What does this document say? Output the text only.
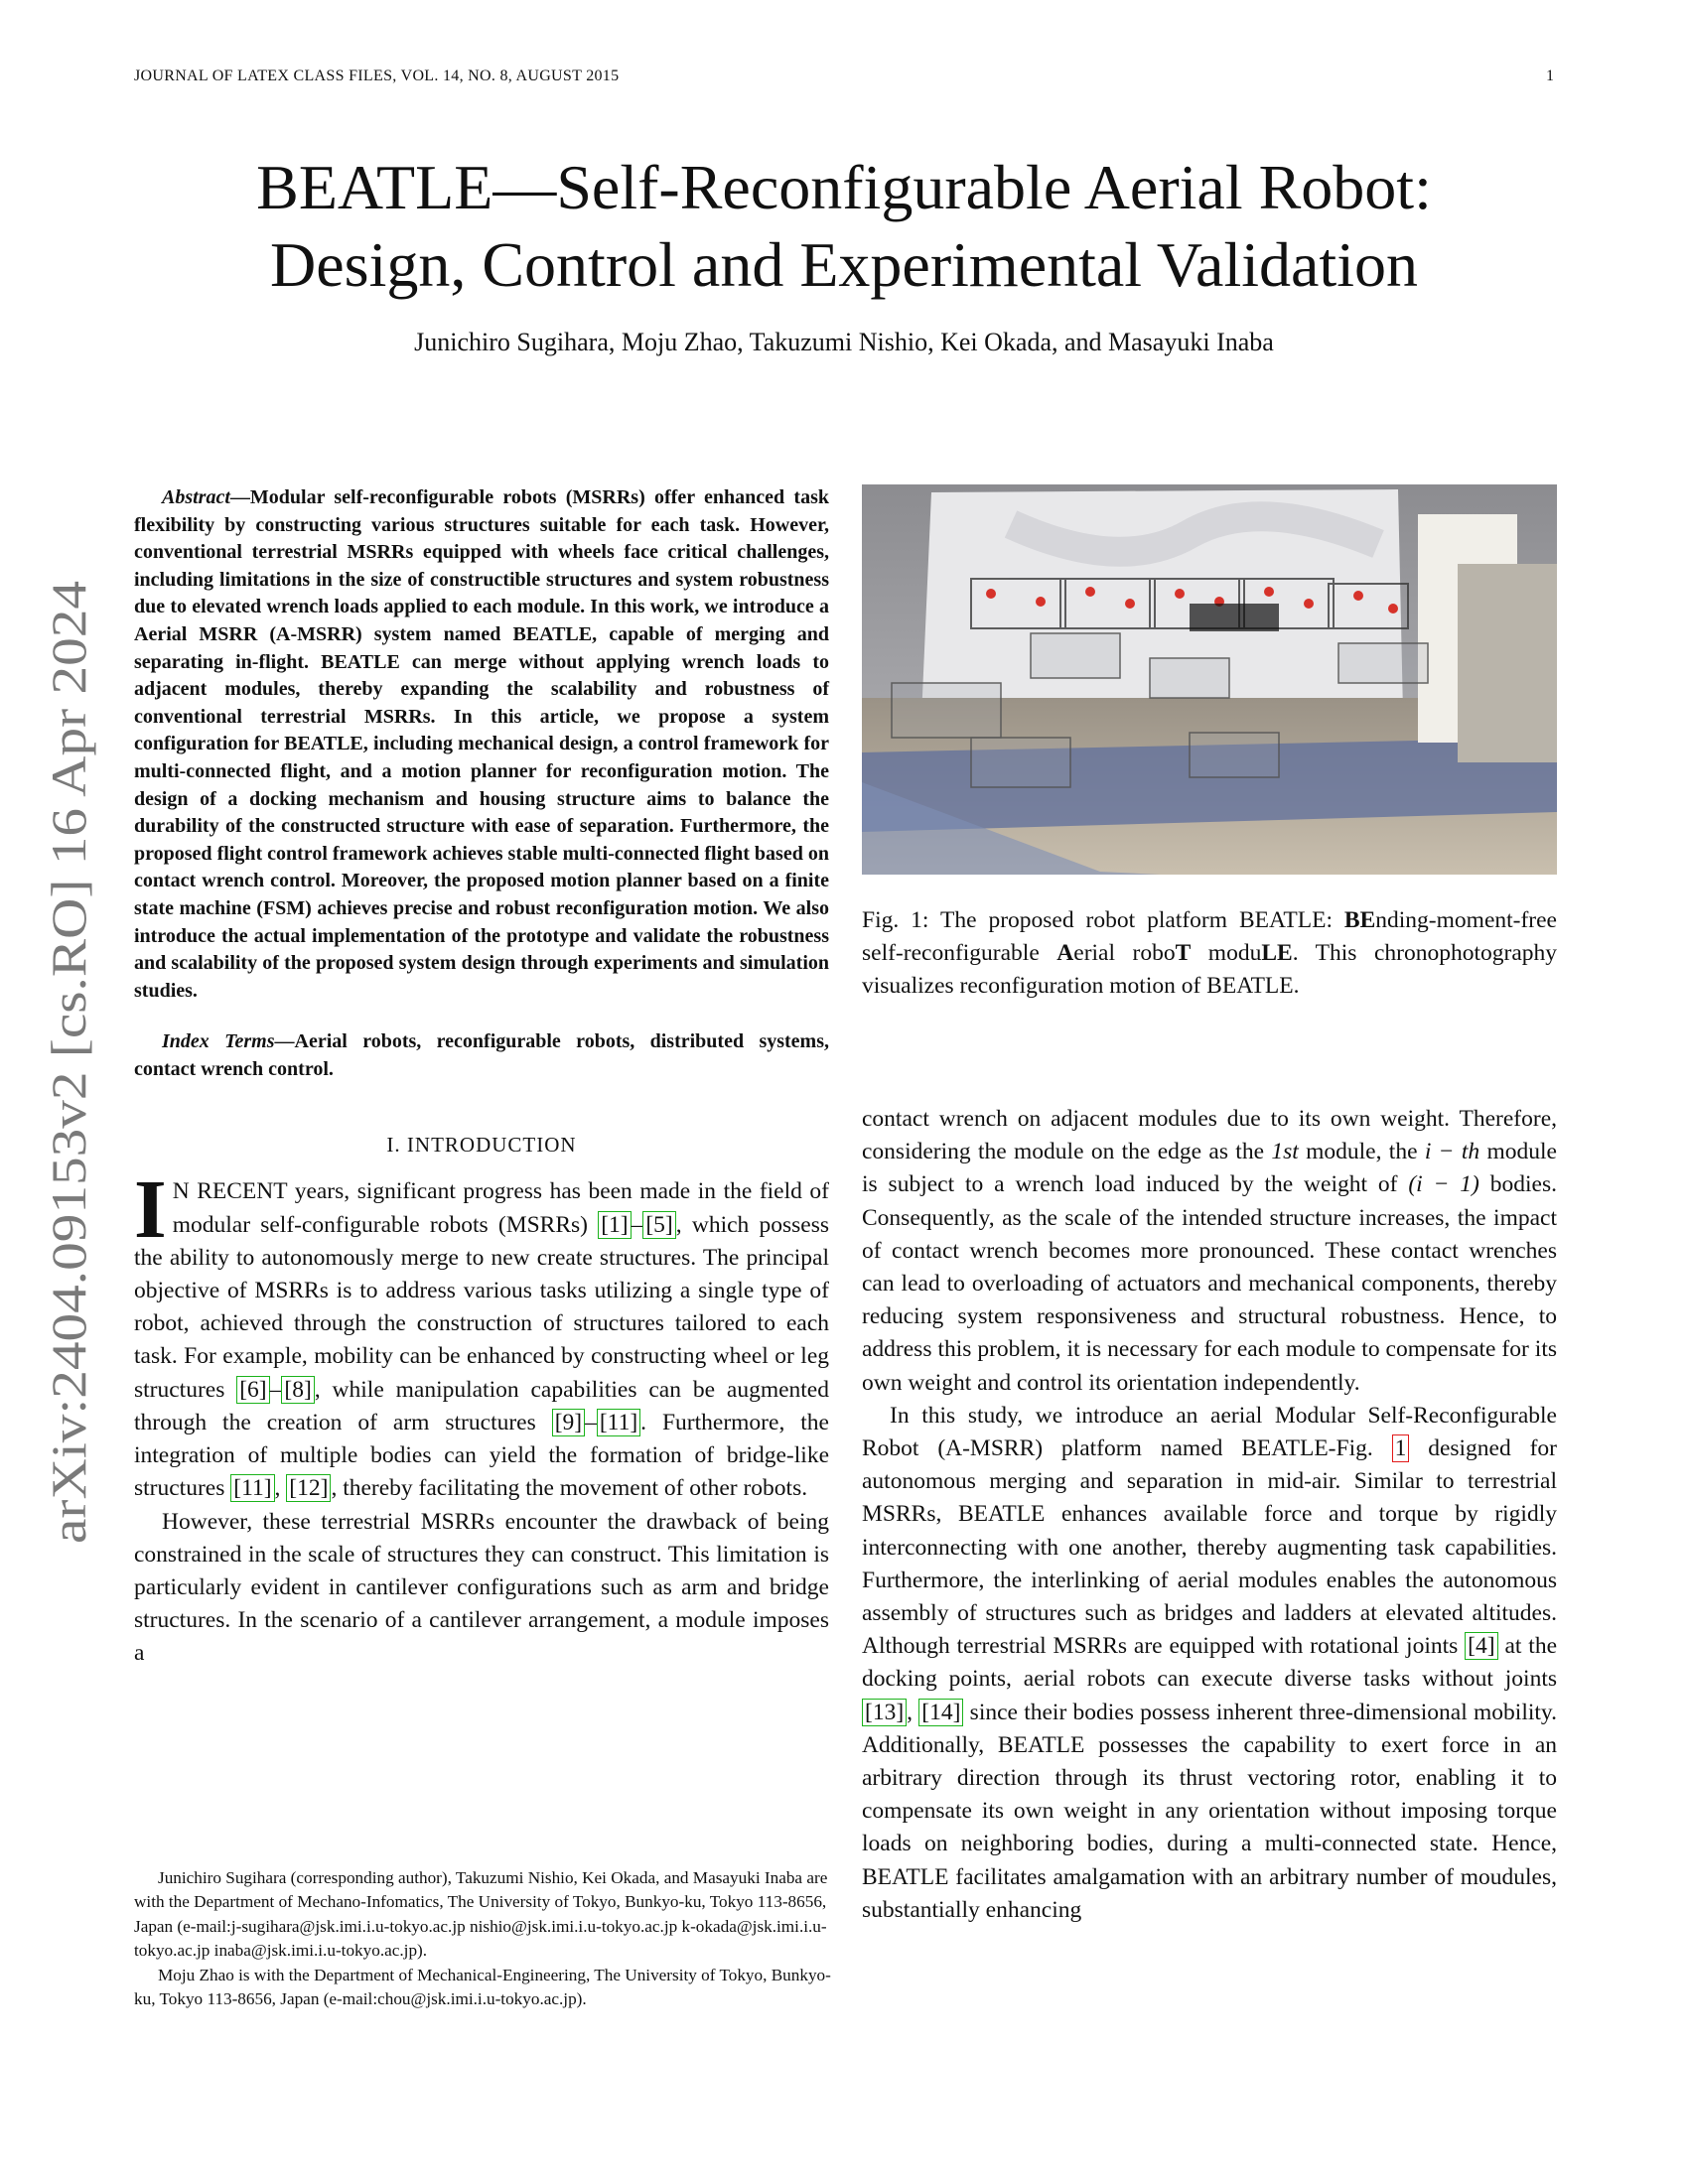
JOURNAL OF LATEX CLASS FILES, VOL. 14, NO. 8, AUGUST 2015	1
BEATLE—Self-Reconfigurable Aerial Robot:
Design, Control and Experimental Validation
Junichiro Sugihara, Moju Zhao, Takuzumi Nishio, Kei Okada, and Masayuki Inaba
arXiv:2404.09153v2 [cs.RO] 16 Apr 2024

Abstract—Modular self-reconfigurable robots (MSRRs) offer enhanced task flexibility by constructing various structures suitable for each task. However, conventional terrestrial MSRRs equipped with wheels face critical challenges, including limitations in the size of constructible structures and system robustness due to elevated wrench loads applied to each module. In this work, we introduce a Aerial MSRR (A-MSRR) system named BEATLE, capable of merging and separating in-flight. BEATLE can merge without applying wrench loads to adjacent modules, thereby expanding the scalability and robustness of conventional terrestrial MSRRs. In this article, we propose a system configuration for BEATLE, including mechanical design, a control framework for multi-connected flight, and a motion planner for reconfiguration motion. The design of a docking mechanism and housing structure aims to balance the durability of the constructed structure with ease of separation. Furthermore, the proposed flight control framework achieves stable multi-connected flight based on contact wrench control. Moreover, the proposed motion planner based on a finite state machine (FSM) achieves precise and robust reconfiguration motion. We also introduce the actual implementation of the prototype and validate the robustness and scalability of the proposed system design through experiments and simulation studies.

Index Terms—Aerial robots, reconfigurable robots, distributed systems, contact wrench control.

I. INTRODUCTION

I N RECENT years, significant progress has been made in the field of modular self-configurable robots (MSRRs) [1] – [5] , which possess the ability to autonomously merge to new create structures. The principal objective of MSRRs is to address various tasks utilizing a single type of robot, achieved through the construction of structures tailored to each task. For example, mobility can be enhanced by constructing wheel or leg structures [6] – [8] , while manipulation capabilities can be augmented through the creation of arm structures [9] – [11] . Furthermore, the integration of multiple bodies can yield the formation of bridge-like structures [11] , [12] , thereby facilitating the movement of other robots.

However, these terrestrial MSRRs encounter the drawback of being constrained in the scale of structures they can construct. This limitation is particularly evident in cantilever configurations such as arm and bridge structures. In the scenario of a cantilever arrangement, a module imposes a

Fig. 1: The proposed robot platform BEATLE: BEnding-moment-free self-reconfigurable Aerial roboT moduLE. This chronophotography visualizes reconfiguration motion of BEATLE.

contact wrench on adjacent modules due to its own weight. Therefore, considering the module on the edge as the 1st module, the i − th module is subject to a wrench load induced by the weight of (i − 1) bodies. Consequently, as the scale of the intended structure increases, the impact of contact wrench becomes more pronounced. These contact wrenches can lead to overloading of actuators and mechanical components, thereby reducing system responsiveness and structural robustness. Hence, to address this problem, it is necessary for each module to compensate for its own weight and control its orientation independently.

In this study, we introduce an aerial Modular Self-Reconfigurable Robot (A-MSRR) platform named BEATLE-Fig. 1 designed for autonomous merging and separation in mid-air. Similar to terrestrial MSRRs, BEATLE enhances available force and torque by rigidly interconnecting with one another, thereby augmenting task capabilities. Furthermore, the interlinking of aerial modules enables the autonomous assembly of structures such as bridges and ladders at elevated altitudes. Although terrestrial MSRRs are equipped with rotational joints [4] at the docking points, aerial robots can execute diverse tasks without joints [13] , [14] since their bodies possess inherent three-dimensional mobility. Additionally, BEATLE possesses the capability to exert force in an arbitrary direction through its thrust vectoring rotor, enabling it to compensate its own weight in any orientation without imposing torque loads on neighboring bodies, during a multi-connected state. Hence, BEATLE facilitates amalgamation with an arbitrary number of moudules, substantially enhancing

Junichiro Sugihara (corresponding author), Takuzumi Nishio, Kei Okada, and Masayuki Inaba are with the Department of Mechano-Infomatics, The University of Tokyo, Bunkyo-ku, Tokyo 113-8656, Japan (e-mail:j-sugihara@jsk.imi.i.u-tokyo.ac.jp nishio@jsk.imi.i.u-tokyo.ac.jp k-okada@jsk.imi.i.u-tokyo.ac.jp inaba@jsk.imi.i.u-tokyo.ac.jp).

Moju Zhao is with the Department of Mechanical-Engineering, The University of Tokyo, Bunkyo-ku, Tokyo 113-8656, Japan (e-mail:chou@jsk.imi.i.u-tokyo.ac.jp).
